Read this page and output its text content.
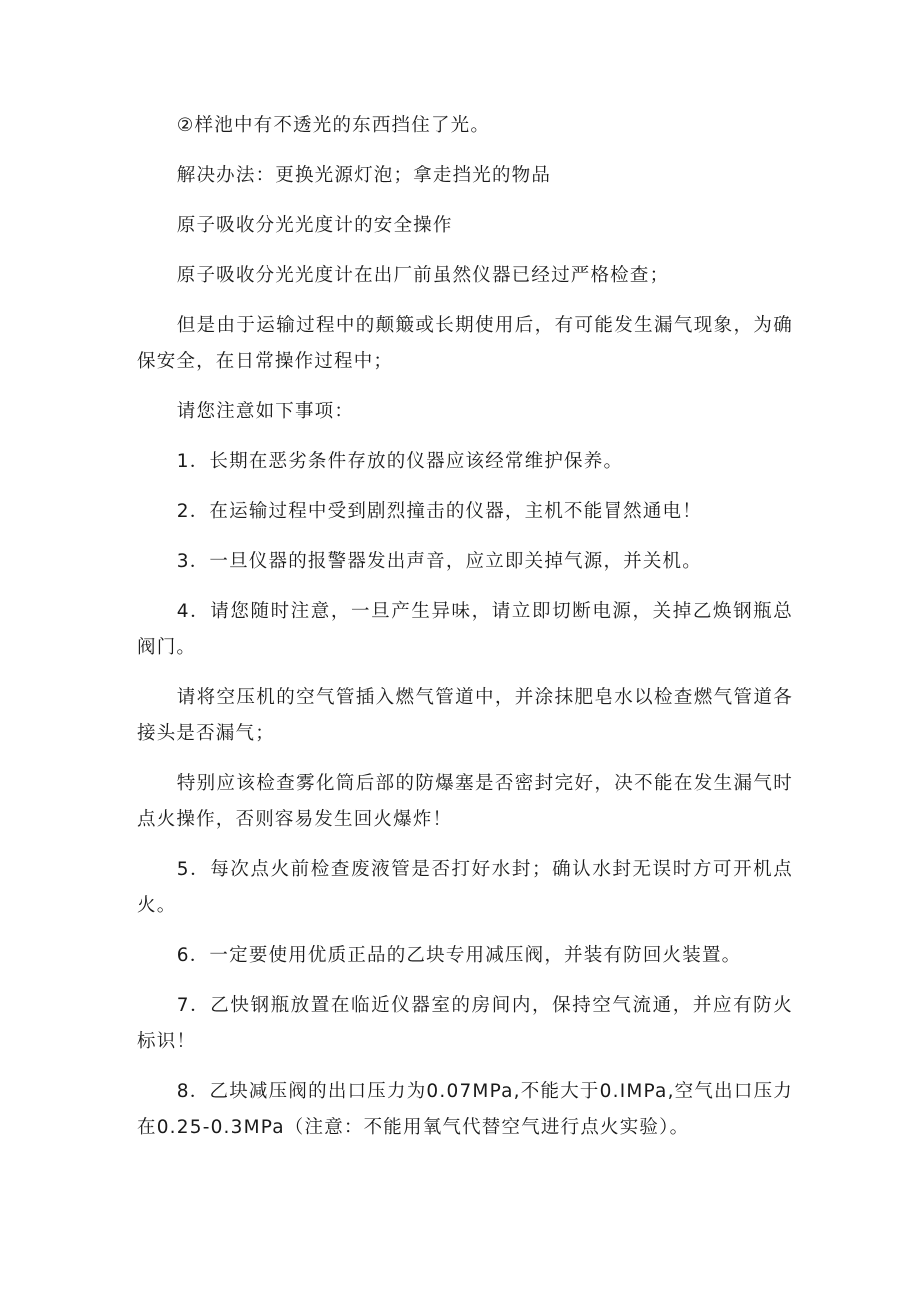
②样池中有不透光的东西挡住了光。

解决办法：更换光源灯泡；拿走挡光的物品

原子吸收分光光度计的安全操作

原子吸收分光光度计在出厂前虽然仪器已经过严格检查；

但是由于运输过程中的颠簸或长期使用后，有可能发生漏气现象，为确保安全，在日常操作过程中；

请您注意如下事项：

1．长期在恶劣条件存放的仪器应该经常维护保养。

2．在运输过程中受到剧烈撞击的仪器，主机不能冒然通电！

3．一旦仪器的报警器发出声音，应立即关掉气源，并关机。

4．请您随时注意，一旦产生异味，请立即切断电源，关掉乙焕钢瓶总阀门。

请将空压机的空气管插入燃气管道中，并涂抹肥皂水以检查燃气管道各接头是否漏气；

特别应该检查雾化筒后部的防爆塞是否密封完好，决不能在发生漏气时点火操作，否则容易发生回火爆炸！

5．每次点火前检查废液管是否打好水封；确认水封无误时方可开机点火。

6．一定要使用优质正品的乙块专用减压阀，并装有防回火装置。

7．乙快钢瓶放置在临近仪器室的房间内，保持空气流通，并应有防火标识！

8．乙块减压阀的出口压力为0.07MPa,不能大于0.IMPa,空气出口压力在0.25-0.3MPa（注意：不能用氧气代替空气进行点火实验）。
